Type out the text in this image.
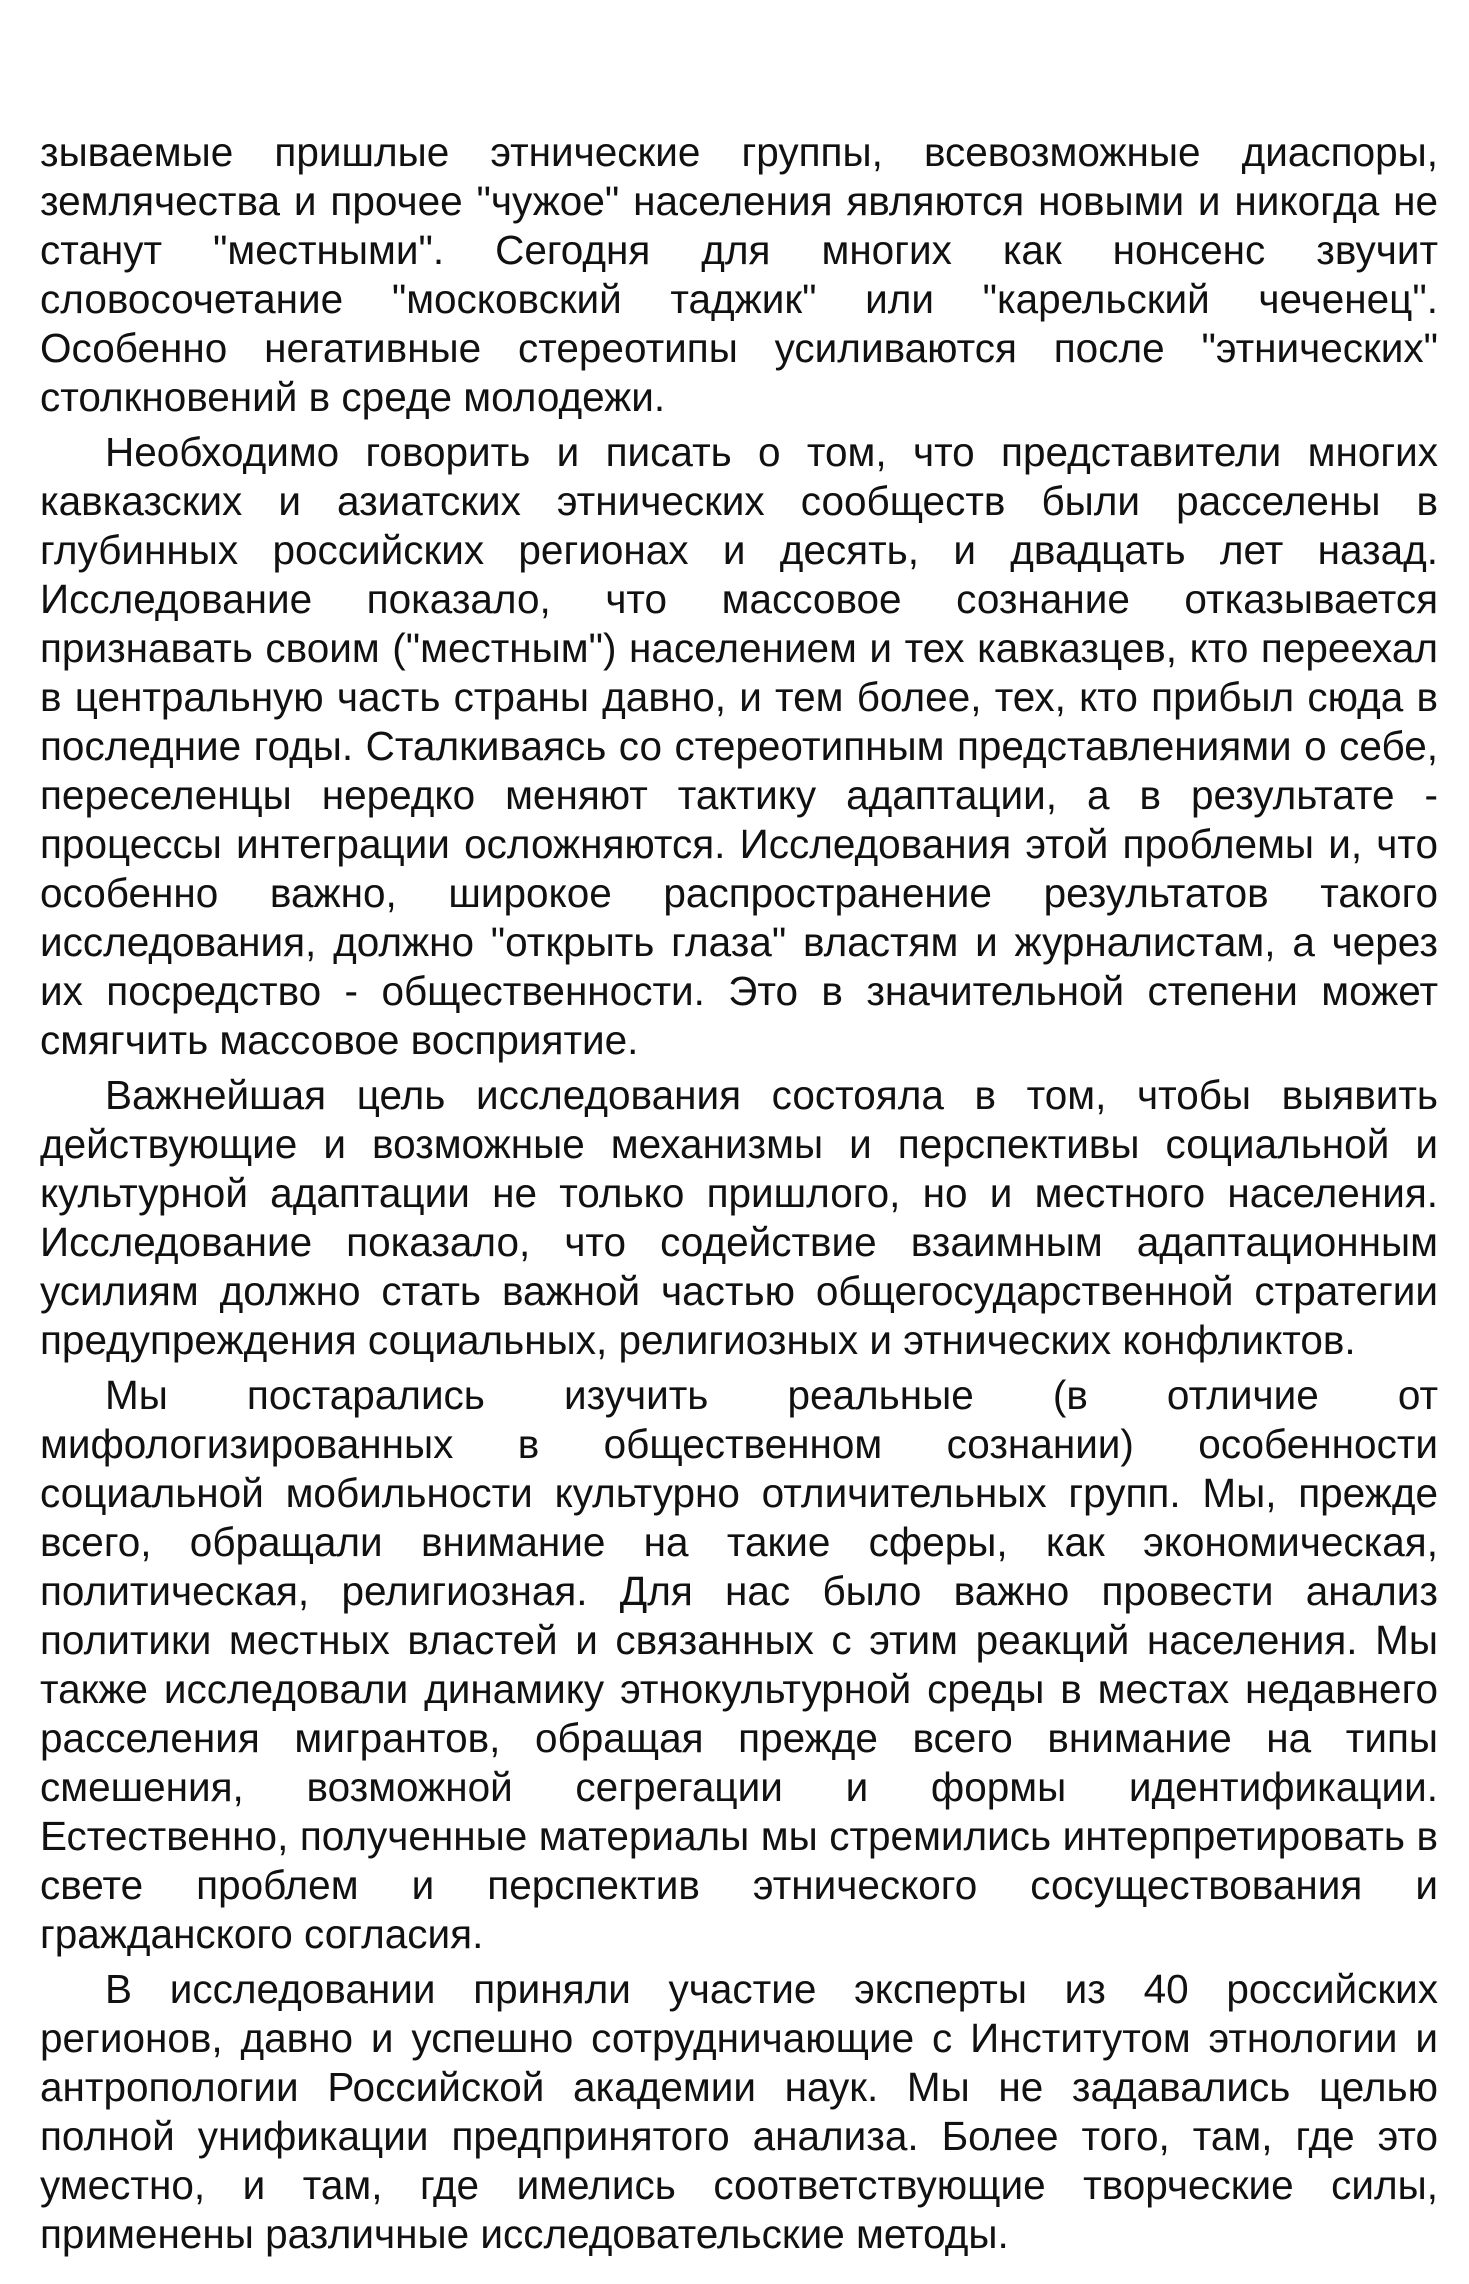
зываемые пришлые этнические группы, всевозможные диаспоры, землячества и прочее "чужое" населения являются новыми и никогда не станут "местными". Сегодня для многих как нонсенс звучит словосочетание "московский таджик" или "карельский чеченец". Особенно негативные стереотипы усиливаются после "этнических" столкновений в среде молодежи.

Необходимо говорить и писать о том, что представители многих кавказских и азиатских этнических сообществ были расселены в глубинных российских регионах и десять, и двадцать лет назад. Исследование показало, что массовое сознание отказывается признавать своим ("местным") населением и тех кавказцев, кто переехал в центральную часть страны давно, и тем более, тех, кто прибыл сюда в последние годы. Сталкиваясь со стереотипным представлениями о себе, переселенцы нередко меняют тактику адаптации, а в результате - процессы интеграции осложняются. Исследования этой проблемы и, что особенно важно, широкое распространение результатов такого исследования, должно "открыть глаза" властям и журналистам, а через их посредство - общественности. Это в значительной степени может смягчить массовое восприятие.

Важнейшая цель исследования состояла в том, чтобы выявить действующие и возможные механизмы и перспективы социальной и культурной адаптации не только пришлого, но и местного населения. Исследование показало, что содействие взаимным адаптационным усилиям должно стать важной частью общегосударственной стратегии предупреждения социальных, религиозных и этнических конфликтов.

Мы постарались изучить реальные (в отличие от мифологизированных в общественном сознании) особенности социальной мобильности культурно отличительных групп. Мы, прежде всего, обращали внимание на такие сферы, как экономическая, политическая, религиозная. Для нас было важно провести анализ политики местных властей и связанных с этим реакций населения. Мы также исследовали динамику этнокультурной среды в местах недавнего расселения мигрантов, обращая прежде всего внимание на типы смешения, возможной сегрегации и формы идентификации. Естественно, полученные материалы мы стремились интерпретировать в свете проблем и перспектив этнического сосуществования и гражданского согласия.

В исследовании приняли участие эксперты из 40 российских регионов, давно и успешно сотрудничающие с Институтом этнологии и антропологии Российской академии наук. Мы не задавались целью полной унификации предпринятого анализа. Более того, там, где это уместно, и там, где имелись соответствующие творческие силы, применены различные исследовательские методы.
